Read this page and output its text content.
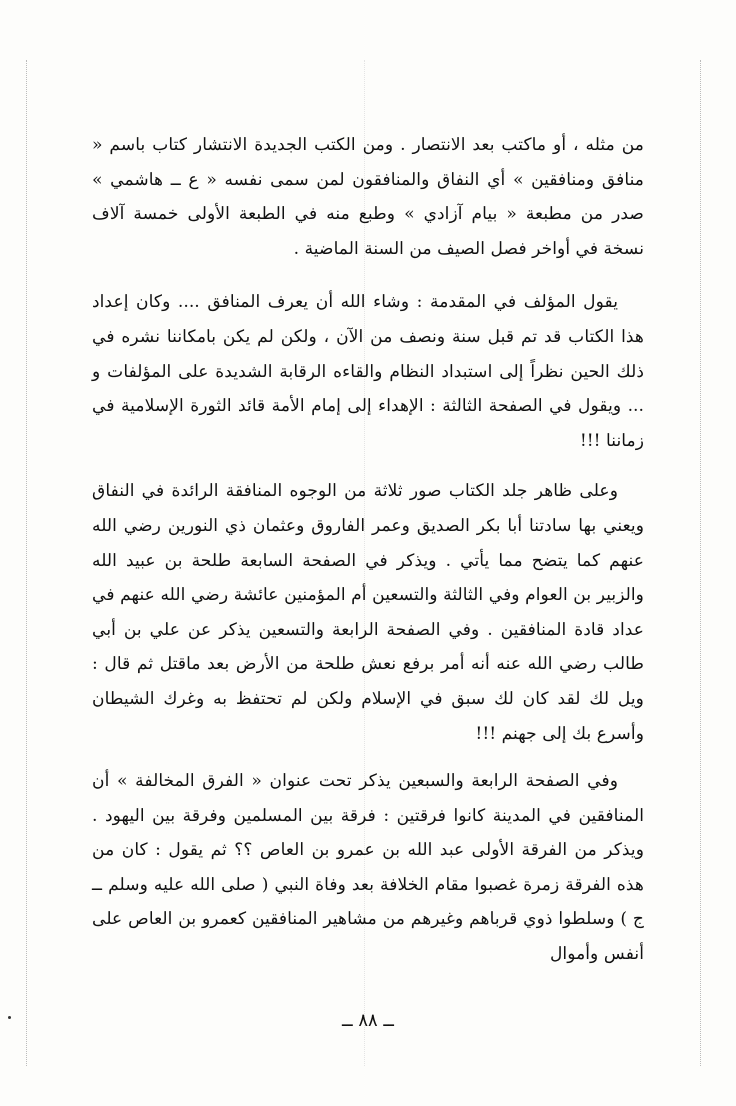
من مثله ، أو ماكتب بعد الانتصار . ومن الكتب الجديدة الانتشار كتاب باسم « منافق ومنافقين » أي النفاق والمنافقون لمن سمى نفسه « ع ــ هاشمي » صدر من مطبعة « بيام آزادي » وطبع منه في الطبعة الأولى خمسة آلاف نسخة في أواخر فصل الصيف من السنة الماضية .

يقول المؤلف في المقدمة : وشاء الله أن يعرف المنافق .... وكان إعداد هذا الكتاب قد تم قبل سنة ونصف من الآن ، ولكن لم يكن بامكاننا نشره في ذلك الحين نظراً إلى استبداد النظام والقاءه الرقابة الشديدة على المؤلفات و ... ويقول في الصفحة الثالثة : الإهداء إلى إمام الأمة قائد الثورة الإسلامية في زماننا !!!

وعلى ظاهر جلد الكتاب صور ثلاثة من الوجوه المنافقة الرائدة في النفاق ويعني بها سادتنا أبا بكر الصديق وعمر الفاروق وعثمان ذي النورين رضي الله عنهم كما يتضح مما يأتي . ويذكر في الصفحة السابعة طلحة بن عبيد الله والزبير بن العوام وفي الثالثة والتسعين أم المؤمنين عائشة رضي الله عنهم في عداد قادة المنافقين . وفي الصفحة الرابعة والتسعين يذكر عن علي بن أبي طالب رضي الله عنه أنه أمر برفع نعش طلحة من الأرض بعد ماقتل ثم قال : ويل لك لقد كان لك سبق في الإسلام ولكن لم تحتفظ به وغرك الشيطان وأسرع بك إلى جهنم !!!

وفي الصفحة الرابعة والسبعين يذكر تحت عنوان « الفرق المخالفة » أن المنافقين في المدينة كانوا فرقتين : فرقة بين المسلمين وفرقة بين اليهود . ويذكر من الفرقة الأولى عبد الله بن عمرو بن العاص ؟؟ ثم يقول : كان من هذه الفرقة زمرة غصبوا مقام الخلافة بعد وفاة النبي ( صلى الله عليه وسلم ــ ج ) وسلطوا ذوي قرباهم وغيرهم من مشاهير المنافقين كعمرو بن العاص على أنفس وأموال

ــ ٨٨ ــ
